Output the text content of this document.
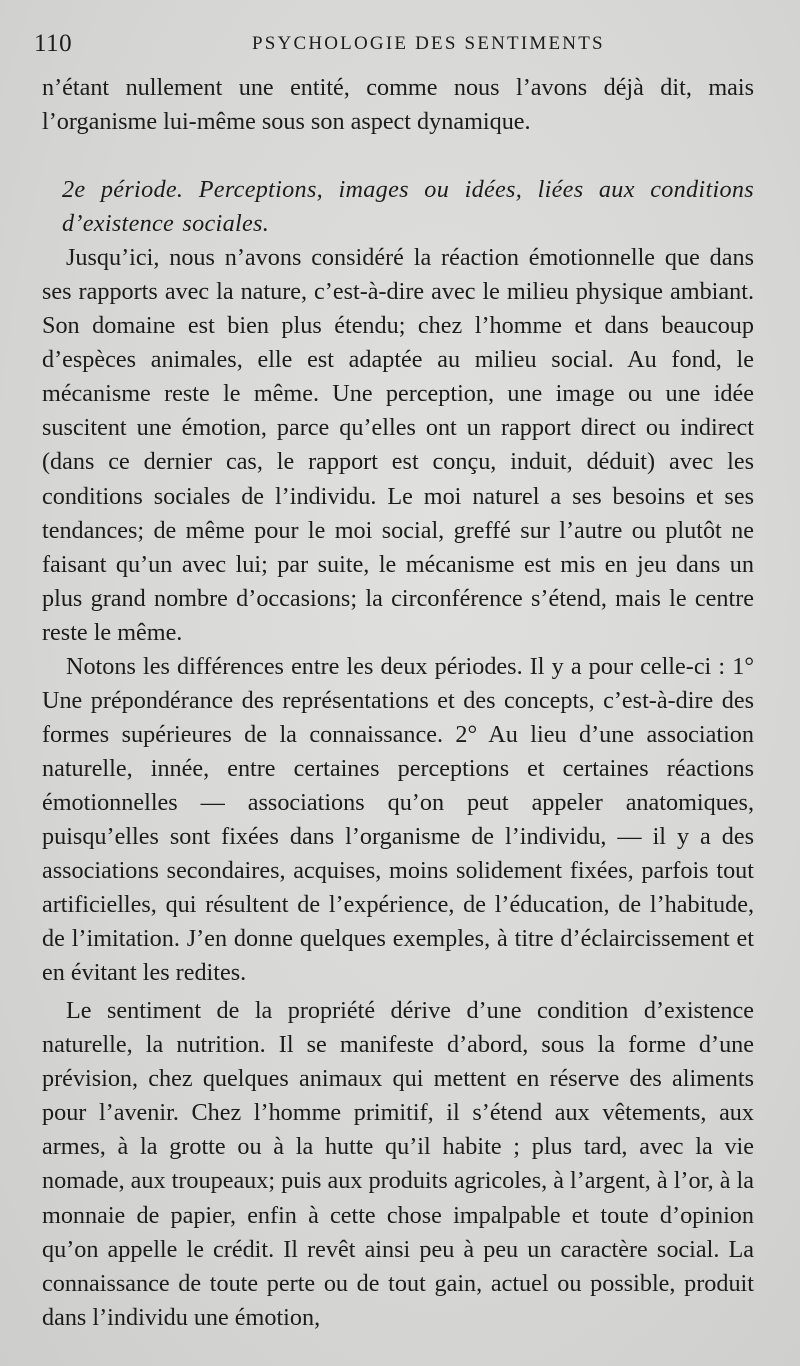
110	PSYCHOLOGIE DES SENTIMENTS

n’étant nullement une entité, comme nous l’avons déjà dit, mais l’organisme lui-même sous son aspect dynamique.

2e période. Perceptions, images ou idées, liées aux conditions d’existence sociales.

Jusqu’ici, nous n’avons considéré la réaction émotionnelle que dans ses rapports avec la nature, c’est-à-dire avec le milieu physique ambiant. Son domaine est bien plus étendu; chez l’homme et dans beaucoup d’espèces animales, elle est adaptée au milieu social. Au fond, le mécanisme reste le même. Une perception, une image ou une idée suscitent une émotion, parce qu’elles ont un rapport direct ou indirect (dans ce dernier cas, le rapport est conçu, induit, déduit) avec les conditions sociales de l’individu. Le moi naturel a ses besoins et ses tendances; de même pour le moi social, greffé sur l’autre ou plutôt ne faisant qu’un avec lui; par suite, le mécanisme est mis en jeu dans un plus grand nombre d’occasions; la circonférence s’étend, mais le centre reste le même.

Notons les différences entre les deux périodes. Il y a pour celle-ci : 1° Une prépondérance des représentations et des concepts, c’est-à-dire des formes supérieures de la connaissance. 2° Au lieu d’une association naturelle, innée, entre certaines perceptions et certaines réactions émotionnelles — associations qu’on peut appeler anatomiques, puisqu’elles sont fixées dans l’organisme de l’individu, — il y a des associations secondaires, acquises, moins solidement fixées, parfois tout artificielles, qui résultent de l’expérience, de l’éducation, de l’habitude, de l’imitation. J’en donne quelques exemples, à titre d’éclaircissement et en évitant les redites.

Le sentiment de la propriété dérive d’une condition d’existence naturelle, la nutrition. Il se manifeste d’abord, sous la forme d’une prévision, chez quelques animaux qui mettent en réserve des aliments pour l’avenir. Chez l’homme primitif, il s’étend aux vêtements, aux armes, à la grotte ou à la hutte qu’il habite ; plus tard, avec la vie nomade, aux troupeaux; puis aux produits agricoles, à l’argent, à l’or, à la monnaie de papier, enfin à cette chose impalpable et toute d’opinion qu’on appelle le crédit. Il revêt ainsi peu à peu un caractère social. La connaissance de toute perte ou de tout gain, actuel ou possible, produit dans l’individu une émotion,
